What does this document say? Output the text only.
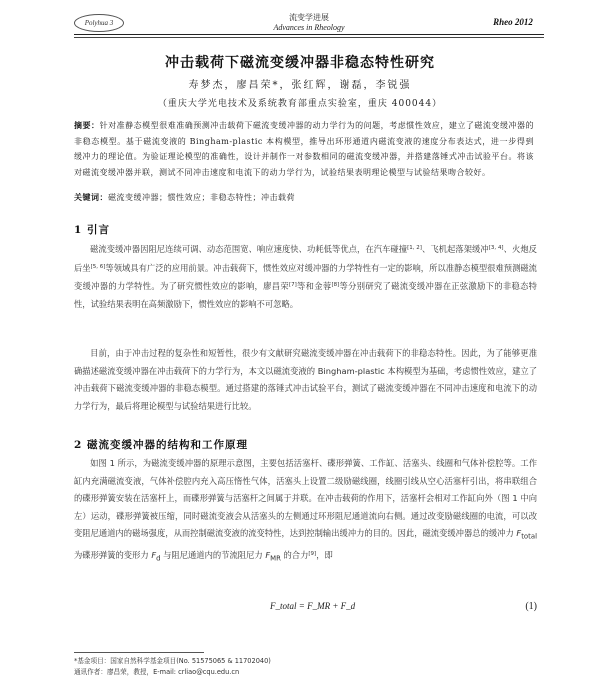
Polyhua 3
流变学进展
Advances in Rheology
Rheo 2012
冲击载荷下磁流变缓冲器非稳态特性研究
寿梦杰，廖昌荣*，张红辉，谢磊，李锐强
（重庆大学光电技术及系统教育部重点实验室，重庆 400044）
摘要：针对准静态模型很难准确预测冲击载荷下磁流变缓冲器的动力学行为的问题，考虑惯性效应，建立了磁流变缓冲器的非稳态模型。基于磁流变液的 Bingham-plastic 本构模型，推导出环形通道内磁流变液的速度分布表达式，进一步得到缓冲力的理论值。为验证理论模型的准确性，设计并制作一对参数相同的磁流变缓冲器，并搭建落锤式冲击试验平台。将该对磁流变缓冲器并联，测试不同冲击速度和电流下的动力学行为，试验结果表明理论模型与试验结果吻合较好。
关键词：磁流变缓冲器；惯性效应；非稳态特性；冲击载荷
1 引言
磁流变缓冲器因阻尼连续可调、动态范围宽、响应速度快、功耗低等优点，在汽车碰撞[1, 2]、飞机起落架缓冲[3, 4]、火炮反后坐[5, 6]等领域具有广泛的应用前景。冲击载荷下，惯性效应对缓冲器的力学特性有一定的影响，所以准静态模型很难预测磁流变缓冲器的力学特性。为了研究惯性效应的影响，廖昌荣[7]等和金蓉[8]等分别研究了磁流变缓冲器在正弦激励下的非稳态特性，试验结果表明在高频激励下，惯性效应的影响不可忽略。
目前，由于冲击过程的复杂性和短暂性，很少有文献研究磁流变缓冲器在冲击载荷下的非稳态特性。因此，为了能够更准确描述磁流变缓冲器在冲击载荷下的力学行为，本文以磁流变液的 Bingham-plastic 本构模型为基础，考虑惯性效应，建立了冲击载荷下磁流变缓冲器的非稳态模型。通过搭建的落锤式冲击试验平台，测试了磁流变缓冲器在不同冲击速度和电流下的动力学行为，最后将理论模型与试验结果进行比较。
2 磁流变缓冲器的结构和工作原理
如图 1 所示，为磁流变缓冲器的原理示意图，主要包括活塞杆、碟形弹簧、工作缸、活塞头、线圈和气体补偿腔等。工作缸内充满磁流变液，气体补偿腔内充入高压惰性气体，活塞头上设置二级励磁线圈，线圈引线从空心活塞杆引出，将串联组合的碟形弹簧安装在活塞杆上，而碟形弹簧与活塞杆之间属于并联。在冲击载荷的作用下，活塞杆会相对工作缸向外（图 1 中向左）运动，碟形弹簧被压缩，同时磁流变液会从活塞头的左侧通过环形阻尼通道流向右侧。通过改变励磁线圈的电流，可以改变阻尼通道内的磁场强度，从而控制磁流变液的流变特性，达到控制输出缓冲力的目的。因此，磁流变缓冲器总的缓冲力 $F_{total}$ 为碟形弹簧的变形力 $F_d$ 与阻尼通道内的节流阻尼力 $F_{MR}$ 的合力[9]，即
F_total = F_MR + F_d	(1)
*基金项目：国家自然科学基金项目(No. 51575065 & 11702040)
通讯作者：廖昌荣，教授，E-mail: crliao@cqu.edu.cn
